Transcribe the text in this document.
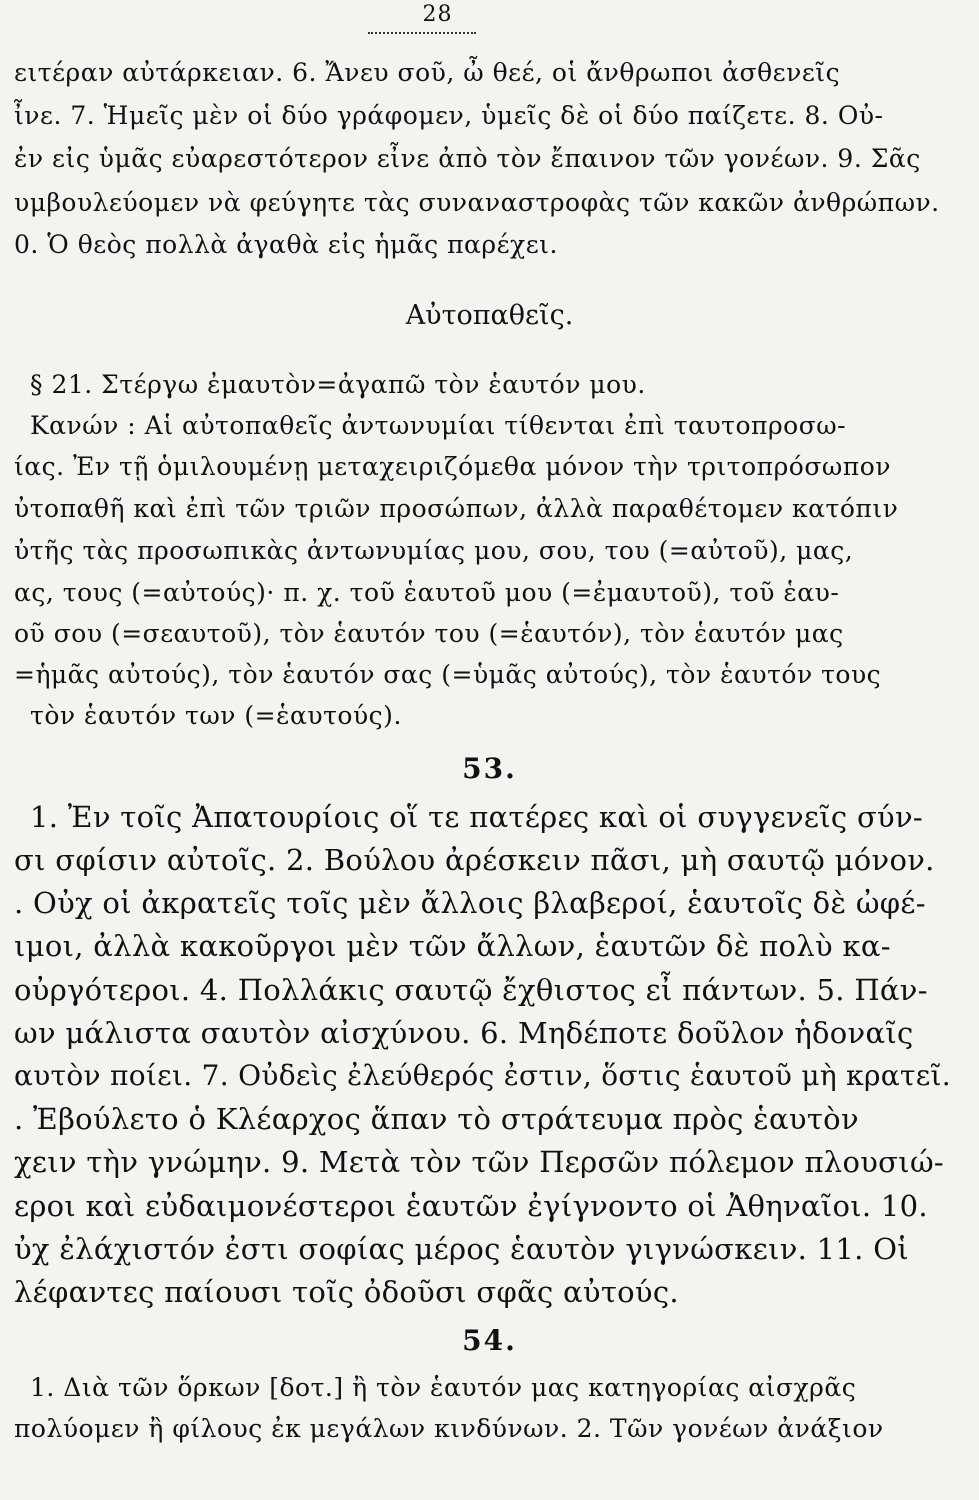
28
ειτέραν αὐτάρκειαν. 6. Ἄνευ σοῦ, ὦ θεέ, οἱ ἄνθρωποι ἀσθενεῖς
ἶνε. 7. Ἡμεῖς μὲν οἱ δύο γράφομεν, ὑμεῖς δὲ οἱ δύο παίζετε. 8. Οὐ-
ἐν εἰς ὑμᾶς εὐαρεστότερον εἶνε ἀπὸ τὸν ἔπαινον τῶν γονέων. 9. Σᾶς
υμβουλεύομεν νὰ φεύγητε τὰς συναναστροφὰς τῶν κακῶν ἀνθρώπων.
0. Ὁ θεὸς πολλὰ ἀγαθὰ εἰς ἡμᾶς παρέχει.
Αὐτοπαθεῖς.
§ 21. Στέργω ἐμαυτὸν=ἀγαπῶ τὸν ἑαυτόν μου.
Κανών : Αἱ αὐτοπαθεῖς ἀντωνυμίαι τίθενται ἐπὶ ταυτοπροσω-
ίας. Ἐν τῇ ὁμιλουμένῃ μεταχειριζόμεθα μόνον τὴν τριτοπρόσωπον
ὐτοπαθῆ καὶ ἐπὶ τῶν τριῶν προσώπων, ἀλλὰ παραθέτομεν κατόπιν
ὐτῆς τὰς προσωπικὰς ἀντωνυμίας μου, σου, του (=αὐτοῦ), μας,
ας, τους (=αὐτούς)· π. χ. τοῦ ἑαυτοῦ μου (=ἐμαυτοῦ), τοῦ ἑαυ-
οῦ σου (=σεαυτοῦ), τὸν ἑαυτόν του (=ἑαυτόν), τὸν ἑαυτόν μας
=ἡμᾶς αὐτούς), τὸν ἑαυτόν σας (=ὑμᾶς αὐτούς), τὸν ἑαυτόν τους
τὸν ἑαυτόν των (=ἑαυτούς).
53.
1. Ἐν τοῖς Ἀπατουρίοις οἵ τε πατέρες καὶ οἱ συγγενεῖς σύν-
σι σφίσιν αὐτοῖς. 2. Βούλου ἀρέσκειν πᾶσι, μὴ σαυτῷ μόνον.
. Οὐχ οἱ ἀκρατεῖς τοῖς μὲν ἄλλοις βλαβεροί, ἑαυτοῖς δὲ ὠφέ-
ιμοι, ἀλλὰ κακοῦργοι μὲν τῶν ἄλλων, ἑαυτῶν δὲ πολὺ κα-
οὐργότεροι. 4. Πολλάκις σαυτῷ ἔχθιστος εἶ πάντων. 5. Πάν-
ων μάλιστα σαυτὸν αἰσχύνου. 6. Μηδέποτε δοῦλον ἡδοναῖς
αυτὸν ποίει. 7. Οὐδεὶς ἐλεύθερός ἐστιν, ὅστις ἑαυτοῦ μὴ κρατεῖ.
. Ἐβούλετο ὁ Κλέαρχος ἅπαν τὸ στράτευμα πρὸς ἑαυτὸν
χειν τὴν γνώμην. 9. Μετὰ τὸν τῶν Περσῶν πόλεμον πλουσιώ-
εροι καὶ εὐδαιμονέστεροι ἑαυτῶν ἐγίγνοντο οἱ Ἀθηναῖοι. 10.
ὐχ ἐλάχιστόν ἐστι σοφίας μέρος ἑαυτὸν γιγνώσκειν. 11. Οἱ
λέφαντες παίουσι τοῖς ὀδοῦσι σφᾶς αὐτούς.
54.
1. Διὰ τῶν ὅρκων [δοτ.] ἢ τὸν ἑαυτόν μας κατηγορίας αἰσχρᾶς
πολύομεν ἢ φίλους ἐκ μεγάλων κινδύνων. 2. Τῶν γονέων ἀνάξιον
